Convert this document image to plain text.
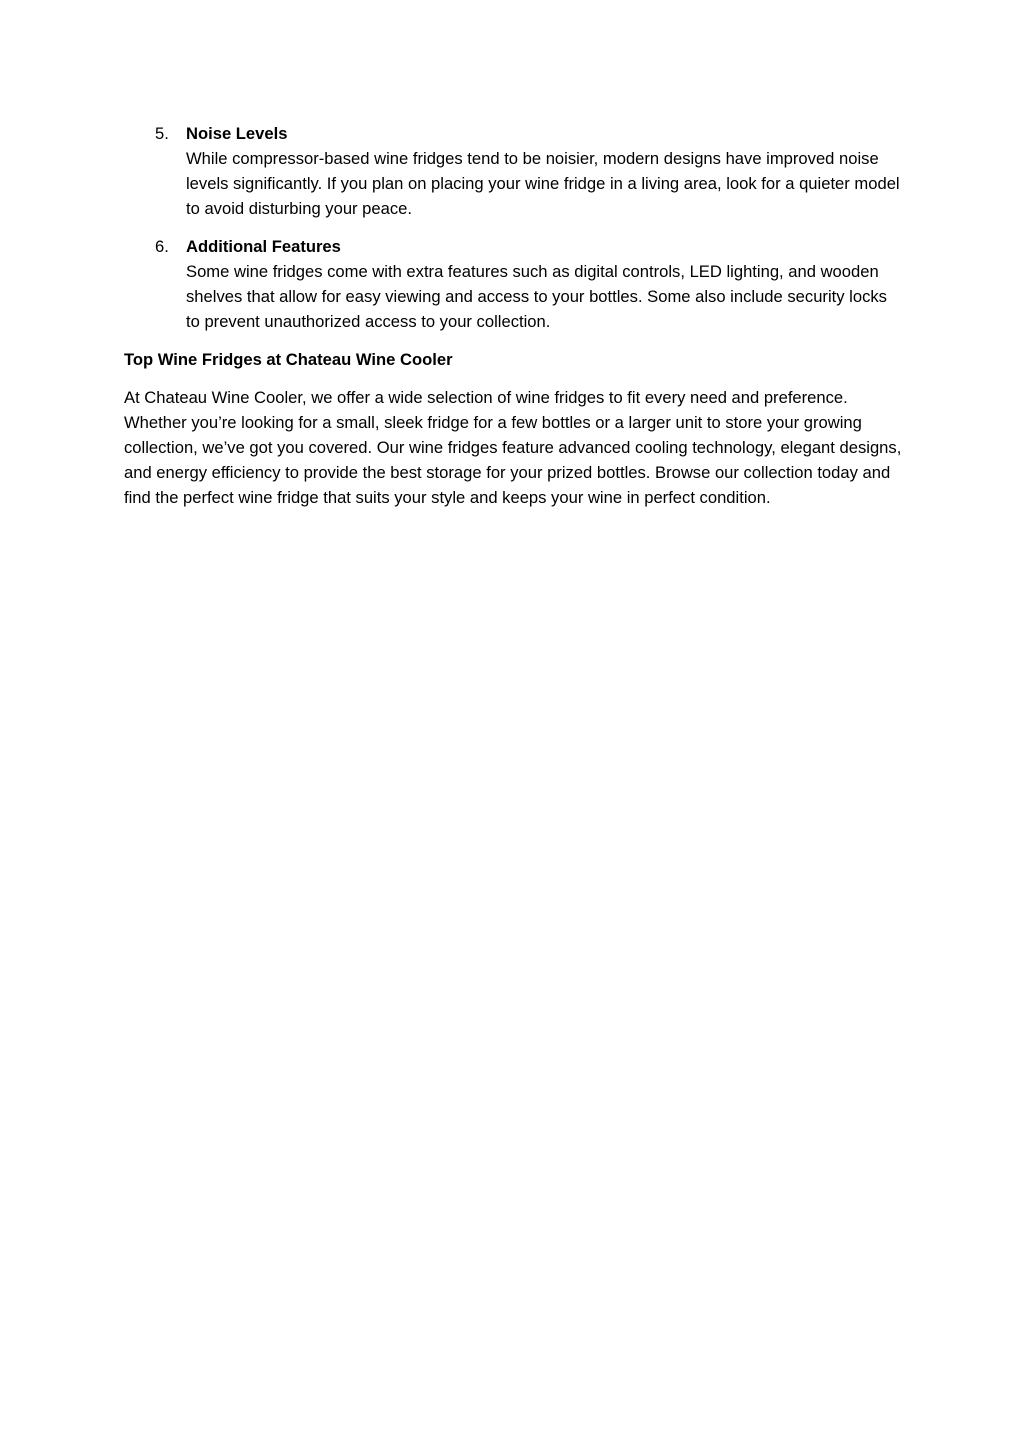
5. Noise Levels
While compressor-based wine fridges tend to be noisier, modern designs have improved noise levels significantly. If you plan on placing your wine fridge in a living area, look for a quieter model to avoid disturbing your peace.
6. Additional Features
Some wine fridges come with extra features such as digital controls, LED lighting, and wooden shelves that allow for easy viewing and access to your bottles. Some also include security locks to prevent unauthorized access to your collection.

Top Wine Fridges at Chateau Wine Cooler

At Chateau Wine Cooler, we offer a wide selection of wine fridges to fit every need and preference. Whether you’re looking for a small, sleek fridge for a few bottles or a larger unit to store your growing collection, we’ve got you covered. Our wine fridges feature advanced cooling technology, elegant designs, and energy efficiency to provide the best storage for your prized bottles. Browse our collection today and find the perfect wine fridge that suits your style and keeps your wine in perfect condition.
